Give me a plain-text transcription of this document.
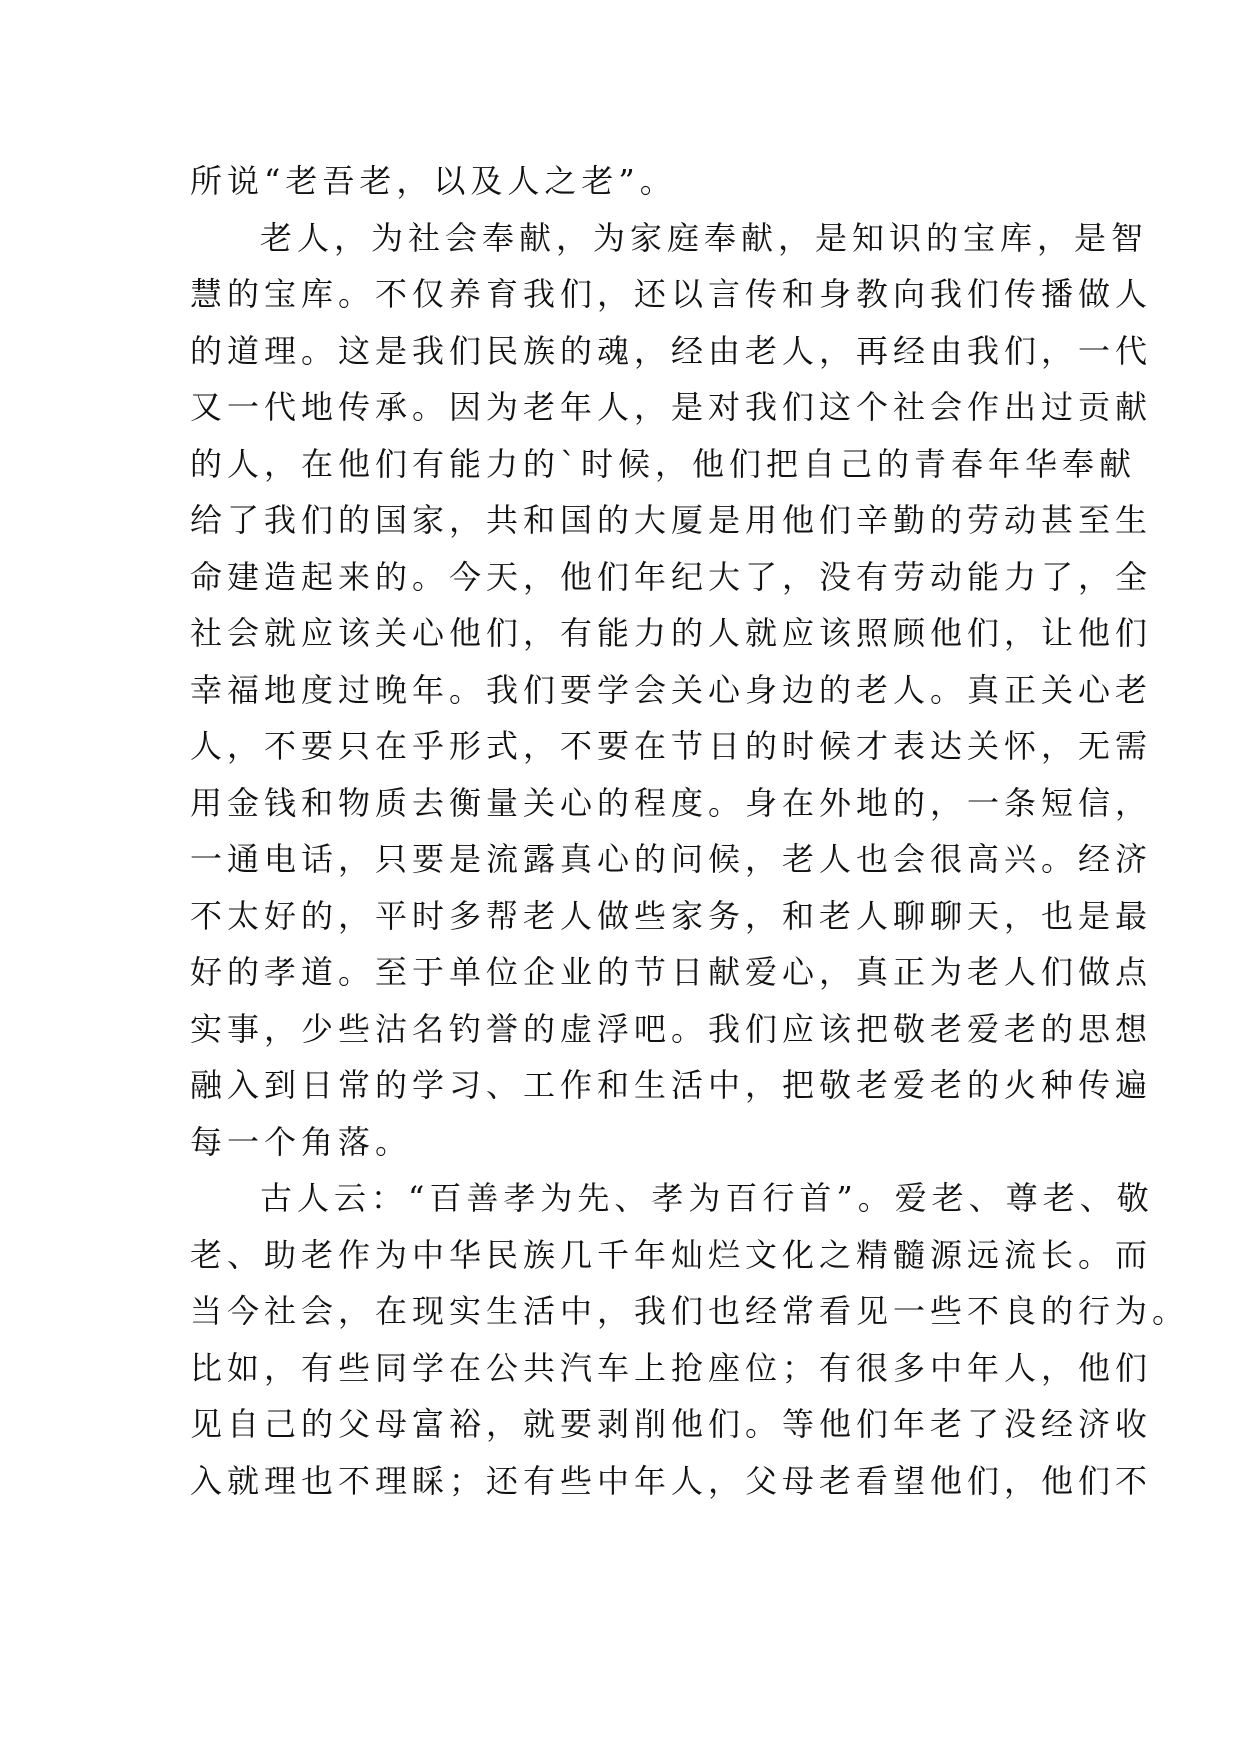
所说“老吾老，以及人之老”。
老人，为社会奉献，为家庭奉献，是知识的宝库，是智
慧的宝库。不仅养育我们，还以言传和身教向我们传播做人
的道理。这是我们民族的魂，经由老人，再经由我们，一代
又一代地传承。因为老年人，是对我们这个社会作出过贡献
的人，在他们有能力的`时候，他们把自己的青春年华奉献
给了我们的国家，共和国的大厦是用他们辛勤的劳动甚至生
命建造起来的。今天，他们年纪大了，没有劳动能力了，全
社会就应该关心他们，有能力的人就应该照顾他们，让他们
幸福地度过晚年。我们要学会关心身边的老人。真正关心老
人，不要只在乎形式，不要在节日的时候才表达关怀，无需
用金钱和物质去衡量关心的程度。身在外地的，一条短信，
一通电话，只要是流露真心的问候，老人也会很高兴。经济
不太好的，平时多帮老人做些家务，和老人聊聊天，也是最
好的孝道。至于单位企业的节日献爱心，真正为老人们做点
实事，少些沽名钓誉的虚浮吧。我们应该把敬老爱老的思想
融入到日常的学习、工作和生活中，把敬老爱老的火种传遍
每一个角落。
古人云：“百善孝为先、孝为百行首”。爱老、尊老、敬
老、助老作为中华民族几千年灿烂文化之精髓源远流长。而
当今社会，在现实生活中，我们也经常看见一些不良的行为。
比如，有些同学在公共汽车上抢座位；有很多中年人，他们
见自己的父母富裕，就要剥削他们。等他们年老了没经济收
入就理也不理睬；还有些中年人，父母老看望他们，他们不
